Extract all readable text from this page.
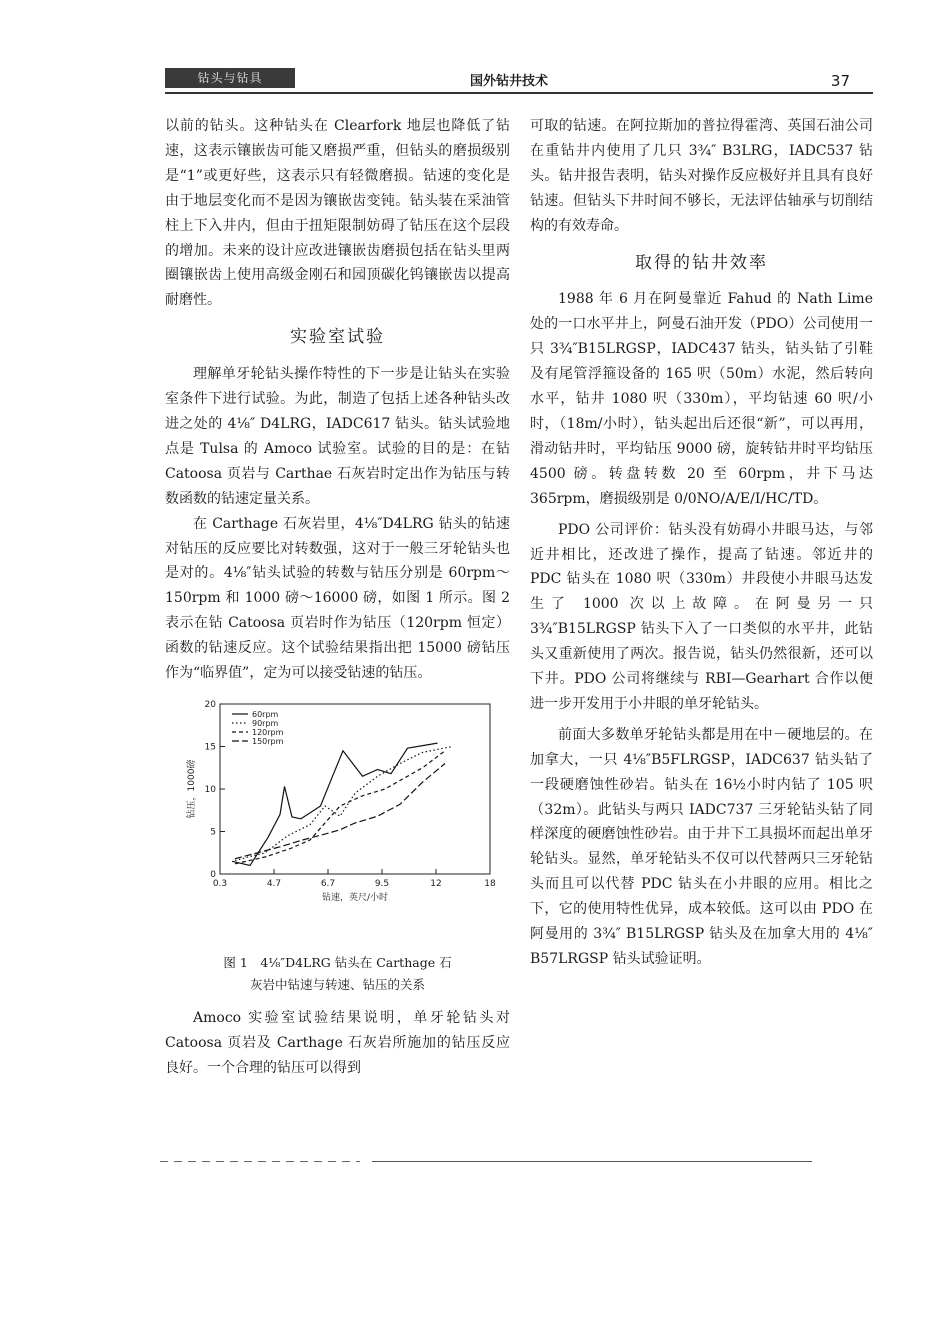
钻头与钻具	国外钻井技术	37

以前的钻头。这种钻头在 Clearfork 地层也降低了钻速，这表示镶嵌齿可能又磨损严重，但钻头的磨损级别是“1”或更好些，这表示只有轻微磨损。钻速的变化是由于地层变化而不是因为镶嵌齿变钝。钻头装在采油管柱上下入井内，但由于扭矩限制妨碍了钻压在这个层段的增加。未来的设计应改进镶嵌齿磨损包括在钻头里两圈镶嵌齿上使用高级金刚石和园顶碳化钨镶嵌齿以提高耐磨性。

实验室试验

理解单牙轮钻头操作特性的下一步是让钻头在实验室条件下进行试验。为此，制造了包括上述各种钻头改进之处的 4⅛″ D4LRG，IADC617 钻头。钻头试验地点是 Tulsa 的 Amoco 试验室。试验的目的是：在钻 Catoosa 页岩与 Carthae 石灰岩时定出作为钻压与转数函数的钻速定量关系。

在 Carthage 石灰岩里，4⅛″D4LRG 钻头的钻速对钻压的反应要比对转数强，这对于一般三牙轮钻头也是对的。4⅛″钻头试验的转数与钻压分别是 60rpm～150rpm 和 1000 磅～16000 磅，如图 1 所示。图 2 表示在钻 Catoosa 页岩时作为钻压（120rpm 恒定）函数的钻速反应。这个试验结果指出把 15000 磅钻压作为“临界值”，定为可以接受钻速的钻压。

0
5
10
15
20
0.3	4.7	6.7	9.5	12	18
钻速，英尺/小时
钻压，1000磅
60rpm
90rpm
120rpm
150rpm
图 1　4⅛″D4LRG 钻头在 Carthage 石
灰岩中钻速与转速、钻压的关系

Amoco 实验室试验结果说明，单牙轮钻头对 Catoosa 页岩及 Carthage 石灰岩所施加的钻压反应良好。一个合理的钻压可以得到

可取的钻速。在阿拉斯加的普拉得霍湾、英国石油公司在重钻井内使用了几只 3¾″ B3LRG，IADC537 钻头。钻井报告表明，钻头对操作反应极好并且具有良好钻速。但钻头下井时间不够长，无法评估轴承与切削结构的有效寿命。

取得的钻井效率

1988 年 6 月在阿曼靠近 Fahud 的 Nath Lime 处的一口水平井上，阿曼石油开发（PDO）公司使用一只 3¾″B15LRGSP，IADC437 钻头，钻头钻了引鞋及有尾管浮箍设备的 165 呎（50m）水泥，然后转向水平，钻井 1080 呎（330m），平均钻速 60 呎/小时，（18m/小时），钻头起出后还很“新”，可以再用，滑动钻井时，平均钻压 9000 磅，旋转钻井时平均钻压 4500 磅。转盘转数 20 至 60rpm，井下马达 365rpm，磨损级别是 0/0NO/A/E/I/HC/TD。

PDO 公司评价：钻头没有妨碍小井眼马达，与邻近井相比，还改进了操作，提高了钻速。邻近井的 PDC 钻头在 1080 呎（330m）井段使小井眼马达发生了 1000 次以上故障。在阿曼另一只 3¾″B15LRGSP 钻头下入了一口类似的水平井，此钻头又重新使用了两次。报告说，钻头仍然很新，还可以下井。PDO 公司将继续与 RBI—Gearhart 合作以便进一步开发用于小井眼的单牙轮钻头。

前面大多数单牙轮钻头都是用在中－硬地层的。在加拿大，一只 4⅛″B5FLRGSP，IADC637 钻头钻了一段硬磨蚀性砂岩。钻头在 16½小时内钻了 105 呎（32m）。此钻头与两只 IADC737 三牙轮钻头钻了同样深度的硬磨蚀性砂岩。由于井下工具损坏而起出单牙轮钻头。显然，单牙轮钻头不仅可以代替两只三牙轮钻头而且可以代替 PDC 钻头在小井眼的应用。相比之下，它的使用特性优异，成本较低。这可以由 PDO 在阿曼用的 3¾″ B15LRGSP 钻头及在加拿大用的 4⅛″ B57LRGSP 钻头试验证明。
